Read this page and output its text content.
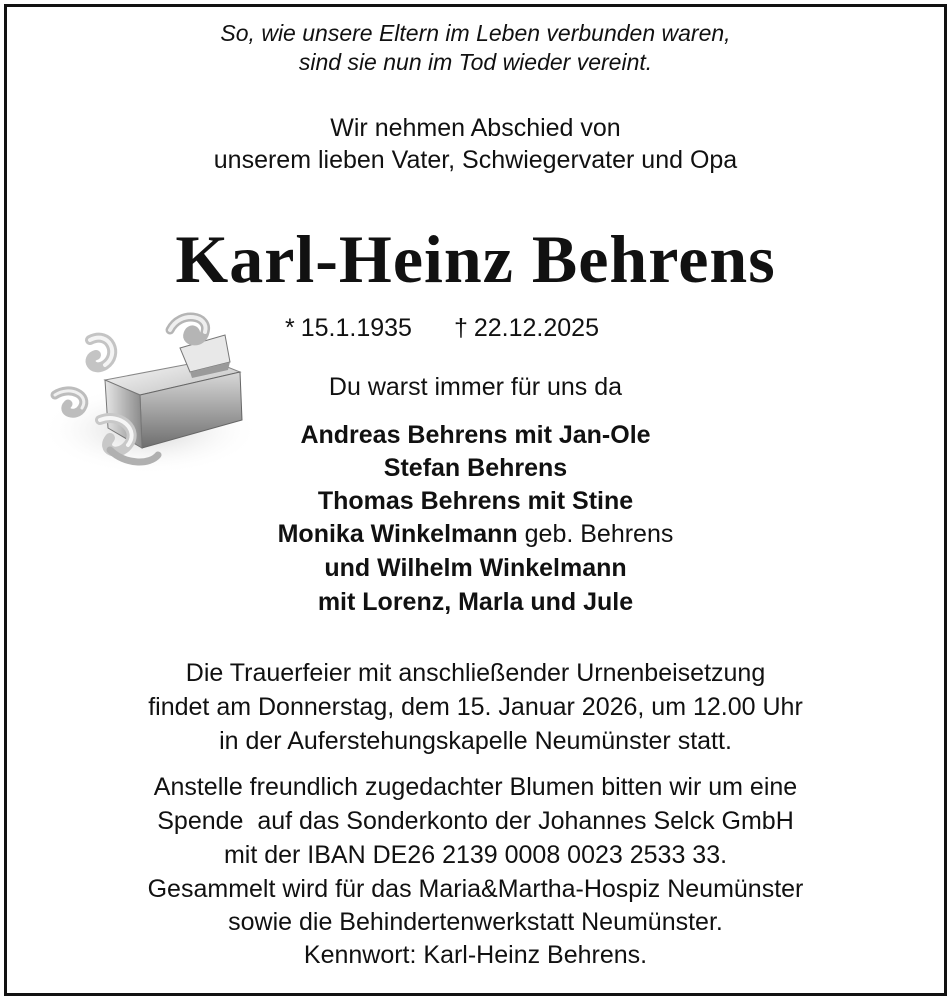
So, wie unsere Eltern im Leben verbunden waren,
sind sie nun im Tod wieder vereint.
Wir nehmen Abschied von
unserem lieben Vater, Schwiegervater und Opa
Karl-Heinz Behrens
* 15.1.1935 † 22.12.2025
Du warst immer für uns da
Andreas Behrens mit Jan-Ole
Stefan Behrens
Thomas Behrens mit Stine
Monika Winkelmann geb. Behrens
und Wilhelm Winkelmann
mit Lorenz, Marla und Jule
Die Trauerfeier mit anschließender Urnenbeisetzung
findet am Donnerstag, dem 15. Januar 2026, um 12.00 Uhr
in der Auferstehungskapelle Neumünster statt.
Anstelle freundlich zugedachter Blumen bitten wir um eine
Spende  auf das Sonderkonto der Johannes Selck GmbH
mit der IBAN DE26 2139 0008 0023 2533 33.
Gesammelt wird für das Maria&Martha-Hospiz Neumünster
sowie die Behindertenwerkstatt Neumünster.
Kennwort: Karl-Heinz Behrens.
